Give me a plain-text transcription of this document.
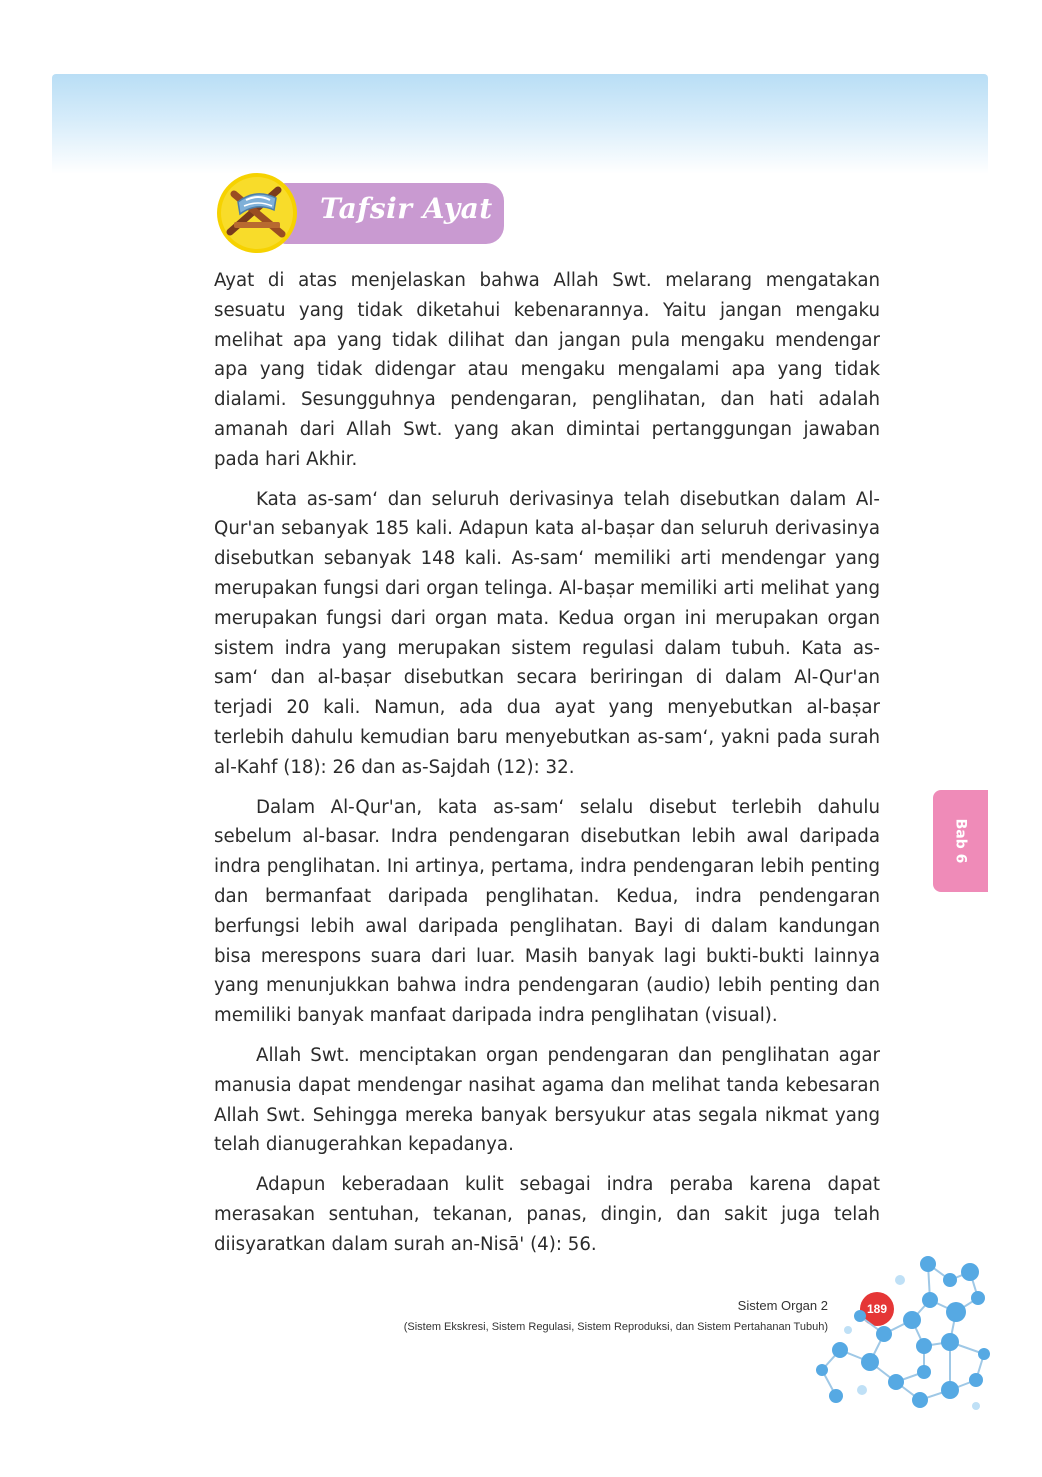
Tafsir Ayat

Ayat di atas menjelaskan bahwa Allah Swt. melarang mengatakan sesuatu yang tidak diketahui kebenarannya. Yaitu jangan mengaku melihat apa yang tidak dilihat dan jangan pula mengaku mendengar apa yang tidak didengar atau mengaku mengalami apa yang tidak dialami. Sesungguhnya pendengaran, penglihatan, dan hati adalah amanah dari Allah Swt. yang akan dimintai pertanggungan jawaban pada hari Akhir.

Kata as-samʻ dan seluruh derivasinya telah disebutkan dalam Al-Qur'an sebanyak 185 kali. Adapun kata al-baṣar dan seluruh derivasinya disebutkan sebanyak 148 kali. As-samʻ memiliki arti mendengar yang merupakan fungsi dari organ telinga. Al-baṣar memiliki arti melihat yang merupakan fungsi dari organ mata. Kedua organ ini merupakan organ sistem indra yang merupakan sistem regulasi dalam tubuh. Kata as-samʻ dan al-baṣar disebutkan secara beriringan di dalam Al-Qur'an terjadi 20 kali. Namun, ada dua ayat yang menyebutkan al-baṣar terlebih dahulu kemudian baru menyebutkan as-samʻ, yakni pada surah al-Kahf (18): 26 dan as-Sajdah (12): 32.

Dalam Al-Qur'an, kata as-samʻ selalu disebut terlebih dahulu sebelum al-basar. Indra pendengaran disebutkan lebih awal daripada indra penglihatan. Ini artinya, pertama, indra pendengaran lebih penting dan bermanfaat daripada penglihatan. Kedua, indra pendengaran berfungsi lebih awal daripada penglihatan. Bayi di dalam kandungan bisa merespons suara dari luar. Masih banyak lagi bukti-bukti lainnya yang menunjukkan bahwa indra pendengaran (audio) lebih penting dan memiliki banyak manfaat daripada indra penglihatan (visual).

Allah Swt. menciptakan organ pendengaran dan penglihatan agar manusia dapat mendengar nasihat agama dan melihat tanda kebesaran Allah Swt. Sehingga mereka banyak bersyukur atas segala nikmat yang telah dianugerahkan kepadanya.

Adapun keberadaan kulit sebagai indra peraba karena dapat merasakan sentuhan, tekanan, panas, dingin, dan sakit juga telah diisyaratkan dalam surah an-Nisā' (4): 56.

Bab 6
Sistem Organ 2
(Sistem Ekskresi, Sistem Regulasi, Sistem Reproduksi, dan Sistem Pertahanan Tubuh)
189
